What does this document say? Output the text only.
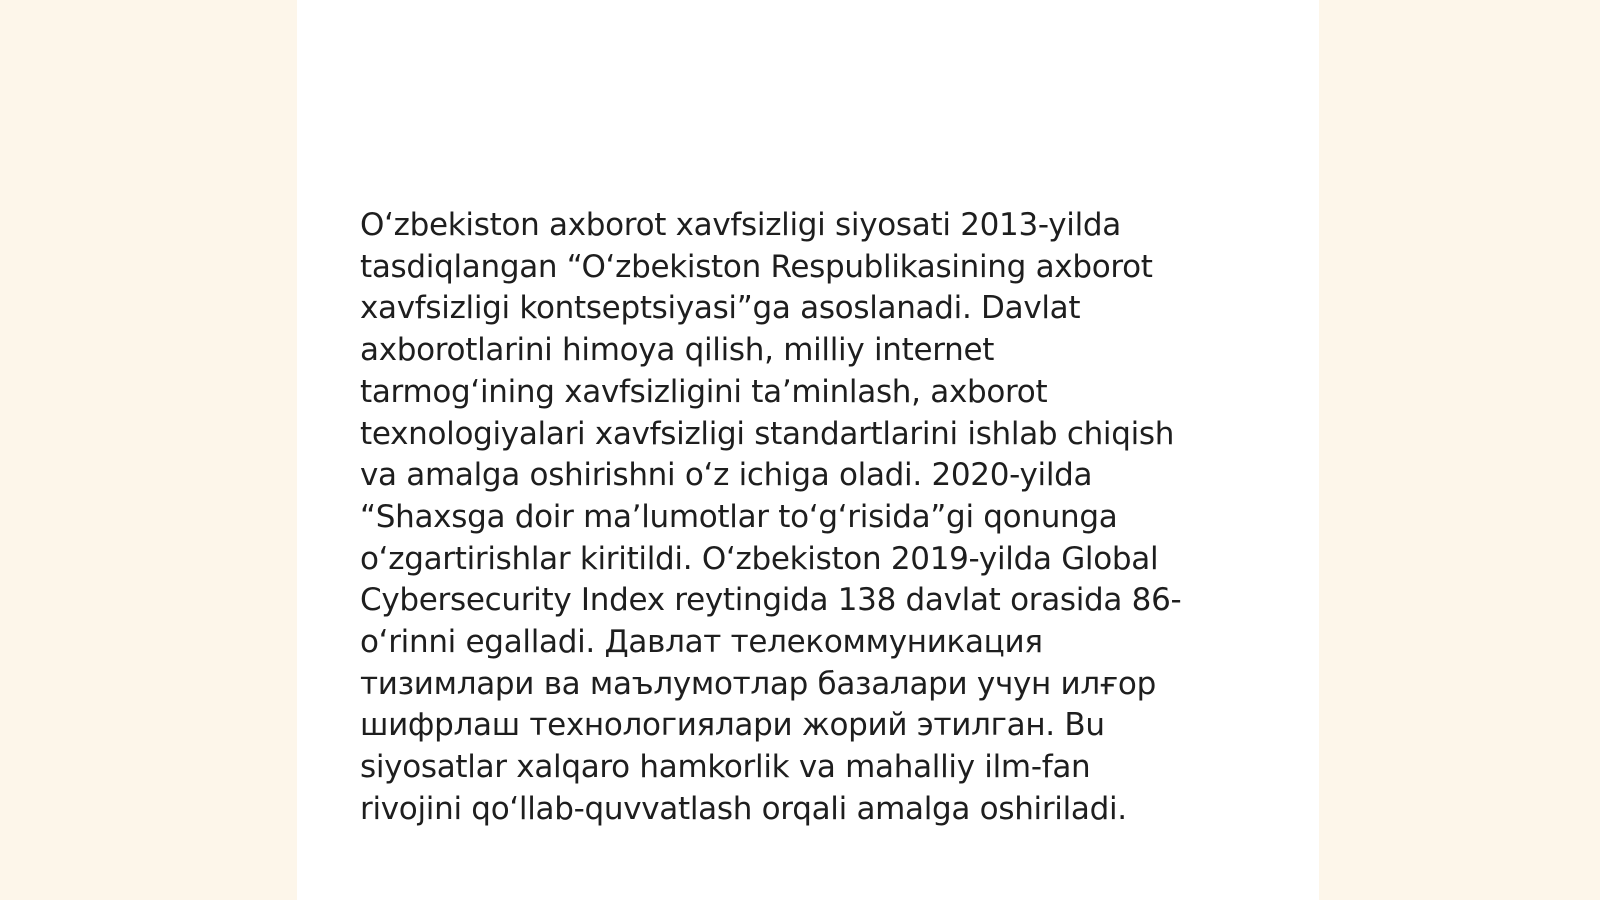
Oʻzbekiston axborot xavfsizligi siyosati 2013-yilda
tasdiqlangan “Oʻzbekiston Respublikasining axborot
xavfsizligi kontseptsiyasi”ga asoslanadi. Davlat
axborotlarini himoya qilish, milliy internet
tarmogʻining xavfsizligini taʼminlash, axborot
texnologiyalari xavfsizligi standartlarini ishlab chiqish
va amalga oshirishni oʻz ichiga oladi. 2020-yilda
“Shaxsga doir maʼlumotlar toʻgʻrisida”gi qonunga
oʻzgartirishlar kiritildi. Oʻzbekiston 2019-yilda Global
Cybersecurity Index reytingida 138 davlat orasida 86-
oʻrinni egalladi. Давлат телекоммуникация
тизимлари ва маълумотлар базалари учун илғор
шифрлаш технологиялари жорий этилган. Bu
siyosatlar xalqaro hamkorlik va mahalliy ilm-fan
rivojini qoʻllab-quvvatlash orqali amalga oshiriladi.
